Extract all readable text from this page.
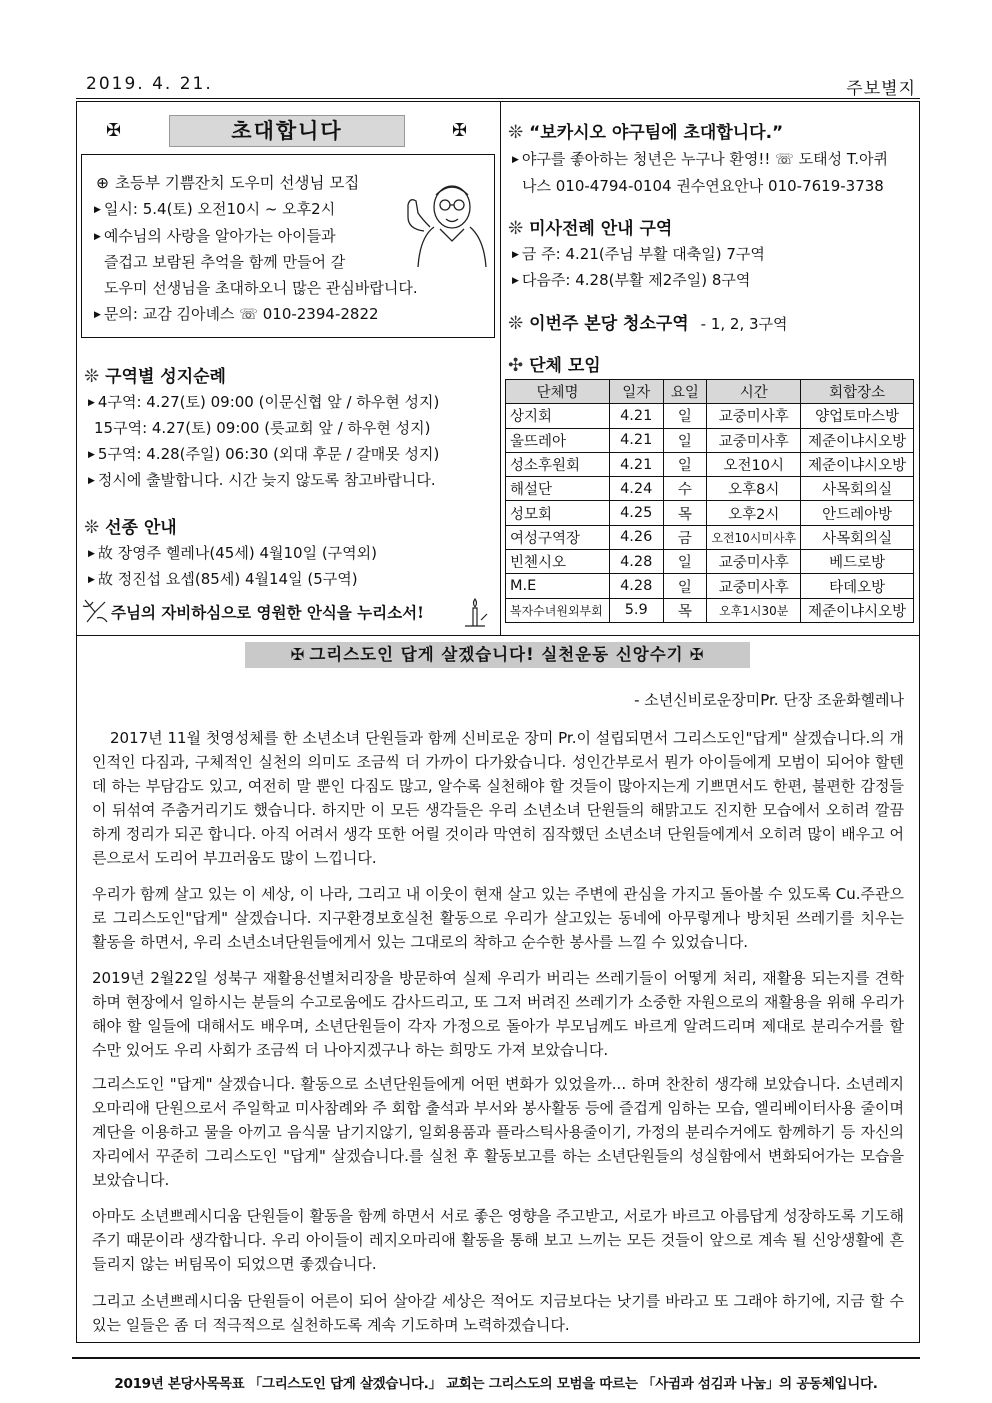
2019. 4. 21.	주보별지
✠	초대합니다	✠
⊕ 초등부 기쁨잔치 도우미 선생님 모집
▶ 일시: 5.4(토) 오전10시 ~ 오후2시
▶ 예수님의 사랑을 알아가는 아이들과
즐겁고 보람된 추억을 함께 만들어 갈
도우미 선생님을 초대하오니 많은 관심바랍니다.
▶ 문의: 교감 김아녜스 ☏ 010-2394-2822
❊ 구역별 성지순례
▶ 4구역: 4.27(토) 09:00 (이문신협 앞 / 하우현 성지)
15구역: 4.27(토) 09:00 (릇교회 앞 / 하우현 성지)
▶ 5구역: 4.28(주일) 06:30 (외대 후문 / 갈매못 성지)
▶ 정시에 출발합니다. 시간 늦지 않도록 참고바랍니다.
❊ 선종 안내
▶ 故 장영주 헬레나(45세) 4월10일 (구역외)
▶ 故 정진섭 요셉(85세) 4월14일 (5구역)
주님의 자비하심으로 영원한 안식을 누리소서!
❊ “보카시오 야구팀에 초대합니다.”
▶ 야구를 좋아하는 청년은 누구나 환영!! ☏ 도태성 T.아퀴
나스 010-4794-0104 권수연요안나 010-7619-3738
❊ 미사전례 안내 구역
▶ 금 주: 4.21(주님 부활 대축일) 7구역
▶ 다음주: 4.28(부활 제2주일) 8구역
❊ 이번주 본당 청소구역 - 1, 2, 3구역
✣ 단체 모임
단체명	일자	요일	시간	회합장소
상지회	4.21	일	교중미사후	양업토마스방
울뜨레아	4.21	일	교중미사후	제준이냐시오방
성소후원회	4.21	일	오전10시	제준이냐시오방
해설단	4.24	수	오후8시	사목회의실
성모회	4.25	목	오후2시	안드레아방
여성구역장	4.26	금	오전10시미사후	사목회의실
빈첸시오	4.28	일	교중미사후	베드로방
M.E	4.28	일	교중미사후	타데오방
복자수녀원외부회	5.9	목	오후1시30분	제준이냐시오방
✠ 그리스도인 답게 살겠습니다! 실천운동 신앙수기 ✠
- 소년신비로운장미Pr. 단장 조윤화헬레나
2017년 11월 첫영성체를 한 소년소녀 단원들과 함께 신비로운 장미 Pr.이 설립되면서 그리스도인"답게" 살겠습니다.의 개인적인 다짐과, 구체적인 실천의 의미도 조금씩 더 가까이 다가왔습니다. 성인간부로서 뭔가 아이들에게 모범이 되어야 할텐데 하는 부담감도 있고, 여전히 말 뿐인 다짐도 많고, 알수록 실천해야 할 것들이 많아지는게 기쁘면서도 한편, 불편한 감정들이 뒤섞여 주춤거리기도 했습니다. 하지만 이 모든 생각들은 우리 소년소녀 단원들의 해맑고도 진지한 모습에서 오히려 깔끔하게 정리가 되곤 합니다. 아직 어려서 생각 또한 어릴 것이라 막연히 짐작했던 소년소녀 단원들에게서 오히려 많이 배우고 어른으로서 도리어 부끄러움도 많이 느낍니다.
우리가 함께 살고 있는 이 세상, 이 나라, 그리고 내 이웃이 현재 살고 있는 주변에 관심을 가지고 돌아볼 수 있도록 Cu.주관으로 그리스도인"답게" 살겠습니다. 지구환경보호실천 활동으로 우리가 살고있는 동네에 아무렇게나 방치된 쓰레기를 치우는 활동을 하면서, 우리 소년소녀단원들에게서 있는 그대로의 착하고 순수한 봉사를 느낄 수 있었습니다.
2019년 2월22일 성북구 재활용선별처리장을 방문하여 실제 우리가 버리는 쓰레기들이 어떻게 처리, 재활용 되는지를 견학하며 현장에서 일하시는 분들의 수고로움에도 감사드리고, 또 그저 버려진 쓰레기가 소중한 자원으로의 재활용을 위해 우리가 해야 할 일들에 대해서도 배우며, 소년단원들이 각자 가정으로 돌아가 부모님께도 바르게 알려드리며 제대로 분리수거를 할 수만 있어도 우리 사회가 조금씩 더 나아지겠구나 하는 희망도 가져 보았습니다.
그리스도인 "답게" 살겠습니다. 활동으로 소년단원들에게 어떤 변화가 있었을까... 하며 찬찬히 생각해 보았습니다. 소년레지오마리애 단원으로서 주일학교 미사참례와 주 회합 출석과 부서와 봉사활동 등에 즐겁게 임하는 모습, 엘리베이터사용 줄이며 계단을 이용하고 물을 아끼고 음식물 남기지않기, 일회용품과 플라스틱사용줄이기, 가정의 분리수거에도 함께하기 등 자신의 자리에서 꾸준히 그리스도인 "답게" 살겠습니다.를 실천 후 활동보고를 하는 소년단원들의 성실함에서 변화되어가는 모습을 보았습니다.
아마도 소년쁘레시디움 단원들이 활동을 함께 하면서 서로 좋은 영향을 주고받고, 서로가 바르고 아름답게 성장하도록 기도해주기 때문이라 생각합니다. 우리 아이들이 레지오마리애 활동을 통해 보고 느끼는 모든 것들이 앞으로 계속 될 신앙생활에 흔들리지 않는 버팀목이 되었으면 좋겠습니다.
그리고 소년쁘레시디움 단원들이 어른이 되어 살아갈 세상은 적어도 지금보다는 낫기를 바라고 또 그래야 하기에, 지금 할 수 있는 일들은 좀 더 적극적으로 실천하도록 계속 기도하며 노력하겠습니다.
2019년 본당사목목표 「그리스도인 답게 살겠습니다.」 교회는 그리스도의 모범을 따르는 「사귐과 섬김과 나눔」의 공동체입니다.
